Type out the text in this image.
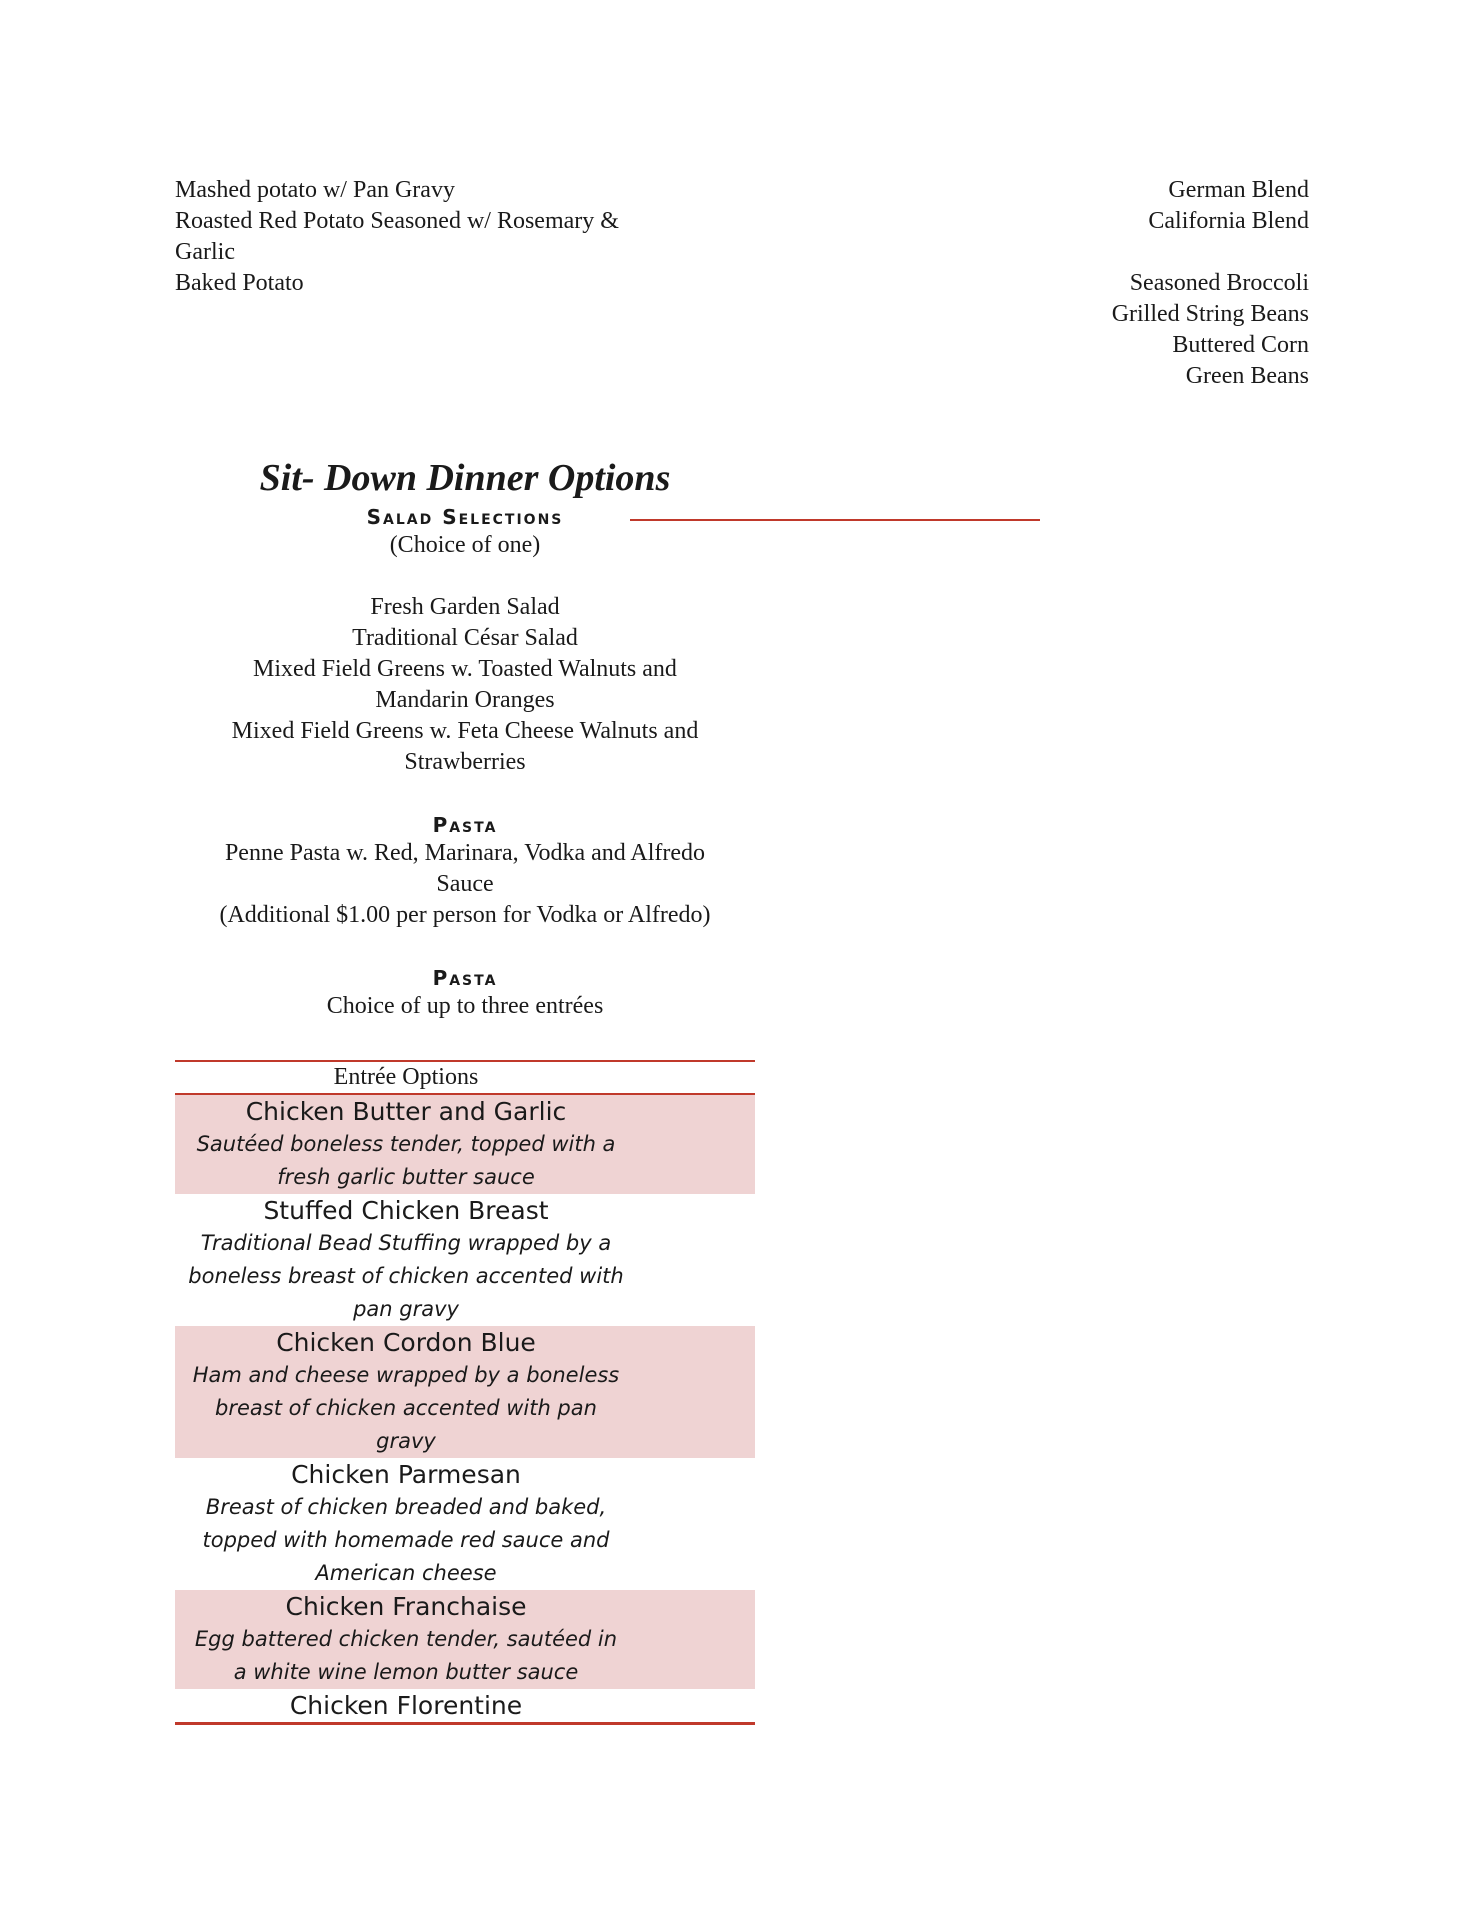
Mashed potato w/ Pan Gravy
Roasted Red Potato Seasoned w/ Rosemary &
Garlic
Baked Potato
German Blend
California Blend
Seasoned Broccoli
Grilled String Beans
Buttered Corn
Green Beans
Sit- Down Dinner Options
Salad Selections
(Choice of one)
Fresh Garden Salad
Traditional César Salad
Mixed Field Greens w. Toasted Walnuts and
Mandarin Oranges
Mixed Field Greens w. Feta Cheese Walnuts and
Strawberries
Pasta
Penne Pasta w. Red, Marinara, Vodka and Alfredo
Sauce
(Additional $1.00 per person for Vodka or Alfredo)
Pasta
Choice of up to three entrées
Entrée Options
Chicken Butter and Garlic
Sautéed boneless tender, topped with a
fresh garlic butter sauce
Stuffed Chicken Breast
Traditional Bead Stuffing wrapped by a
boneless breast of chicken accented with
pan gravy
Chicken Cordon Blue
Ham and cheese wrapped by a boneless
breast of chicken accented with pan
gravy
Chicken Parmesan
Breast of chicken breaded and baked,
topped with homemade red sauce and
American cheese
Chicken Franchaise
Egg battered chicken tender, sautéed in
a white wine lemon butter sauce
Chicken Florentine
